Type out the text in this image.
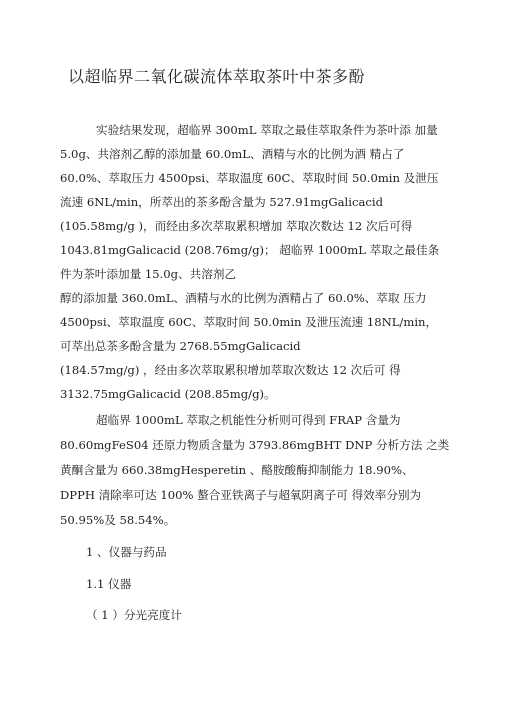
以超临界二氧化碳流体萃取茶叶中茶多酚
实验结果发现，超临界 300mL 萃取之最佳萃取条件为茶叶添 加量
5.0g、共溶剂乙醇的添加量 60.0mL、酒精与水的比例为酒 精占了
60.0%、萃取压力 4500psi、萃取温度 60C、萃取时间 50.0min 及泄压
流速 6NL/min，所萃出的茶多酚含量为 527.91mgGalicacid
(105.58mg/g )，而经由多次萃取累积增加 萃取次数达 12 次后可得
1043.81mgGalicacid (208.76mg/g)； 超临界 1000mL 萃取之最佳条
件为茶叶添加量 15.0g、共溶剂乙
醇的添加量 360.0mL、酒精与水的比例为酒精占了 60.0%、萃取 压力
4500psi、萃取温度 60C、萃取时间 50.0min 及泄压流速 18NL/min，
可萃出总茶多酚含量为 2768.55mgGalicacid
(184.57mg/g) ，经由多次萃取累积增加萃取次数达 12 次后可 得
3132.75mgGalicacid (208.85mg/g)。
超临界 1000mL 萃取之机能性分析则可得到 FRAP 含量为
80.60mgFeS04 还原力物质含量为 3793.86mgBHT DNP 分析方法 之类
黄酮含量为 660.38mgHesperetin 、酪胺酸酶抑制能力 18.90%、
DPPH 清除率可达 100% 螯合亚铁离子与超氧阴离子可 得效率分别为
50.95%及 58.54%。
1 、仪器与药品
1.1 仪器
（ 1 ）分光亮度计
